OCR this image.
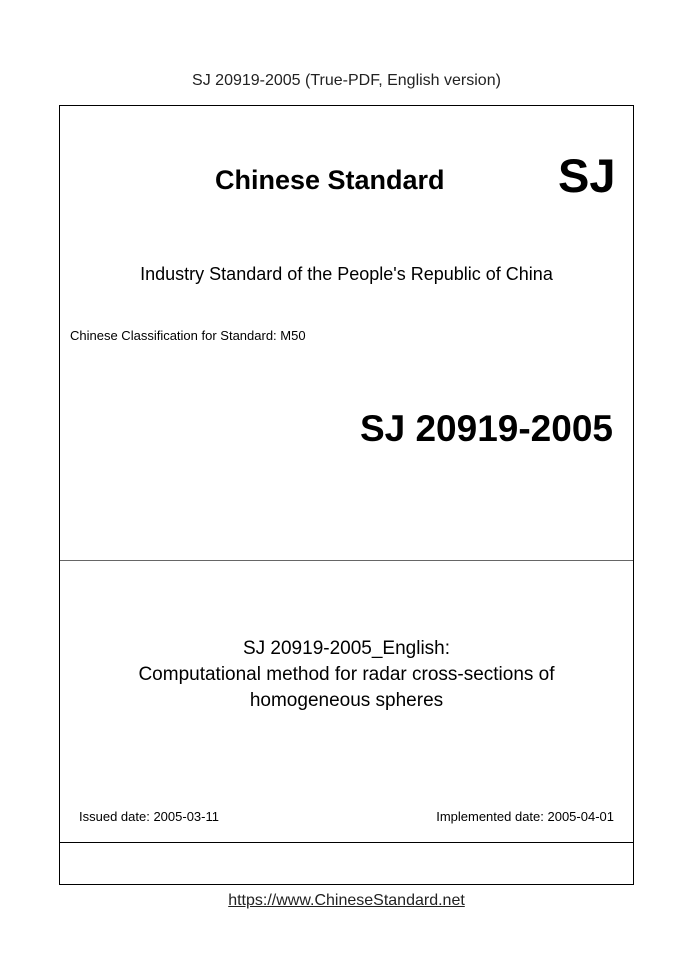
SJ 20919-2005 (True-PDF, English version)
Chinese Standard SJ
Industry Standard of the People's Republic of China
Chinese Classification for Standard: M50
SJ 20919-2005
SJ 20919-2005_English:
Computational method for radar cross-sections of
homogeneous spheres
Issued date: 2005-03-11	Implemented date: 2005-04-01
https://www.ChineseStandard.net
